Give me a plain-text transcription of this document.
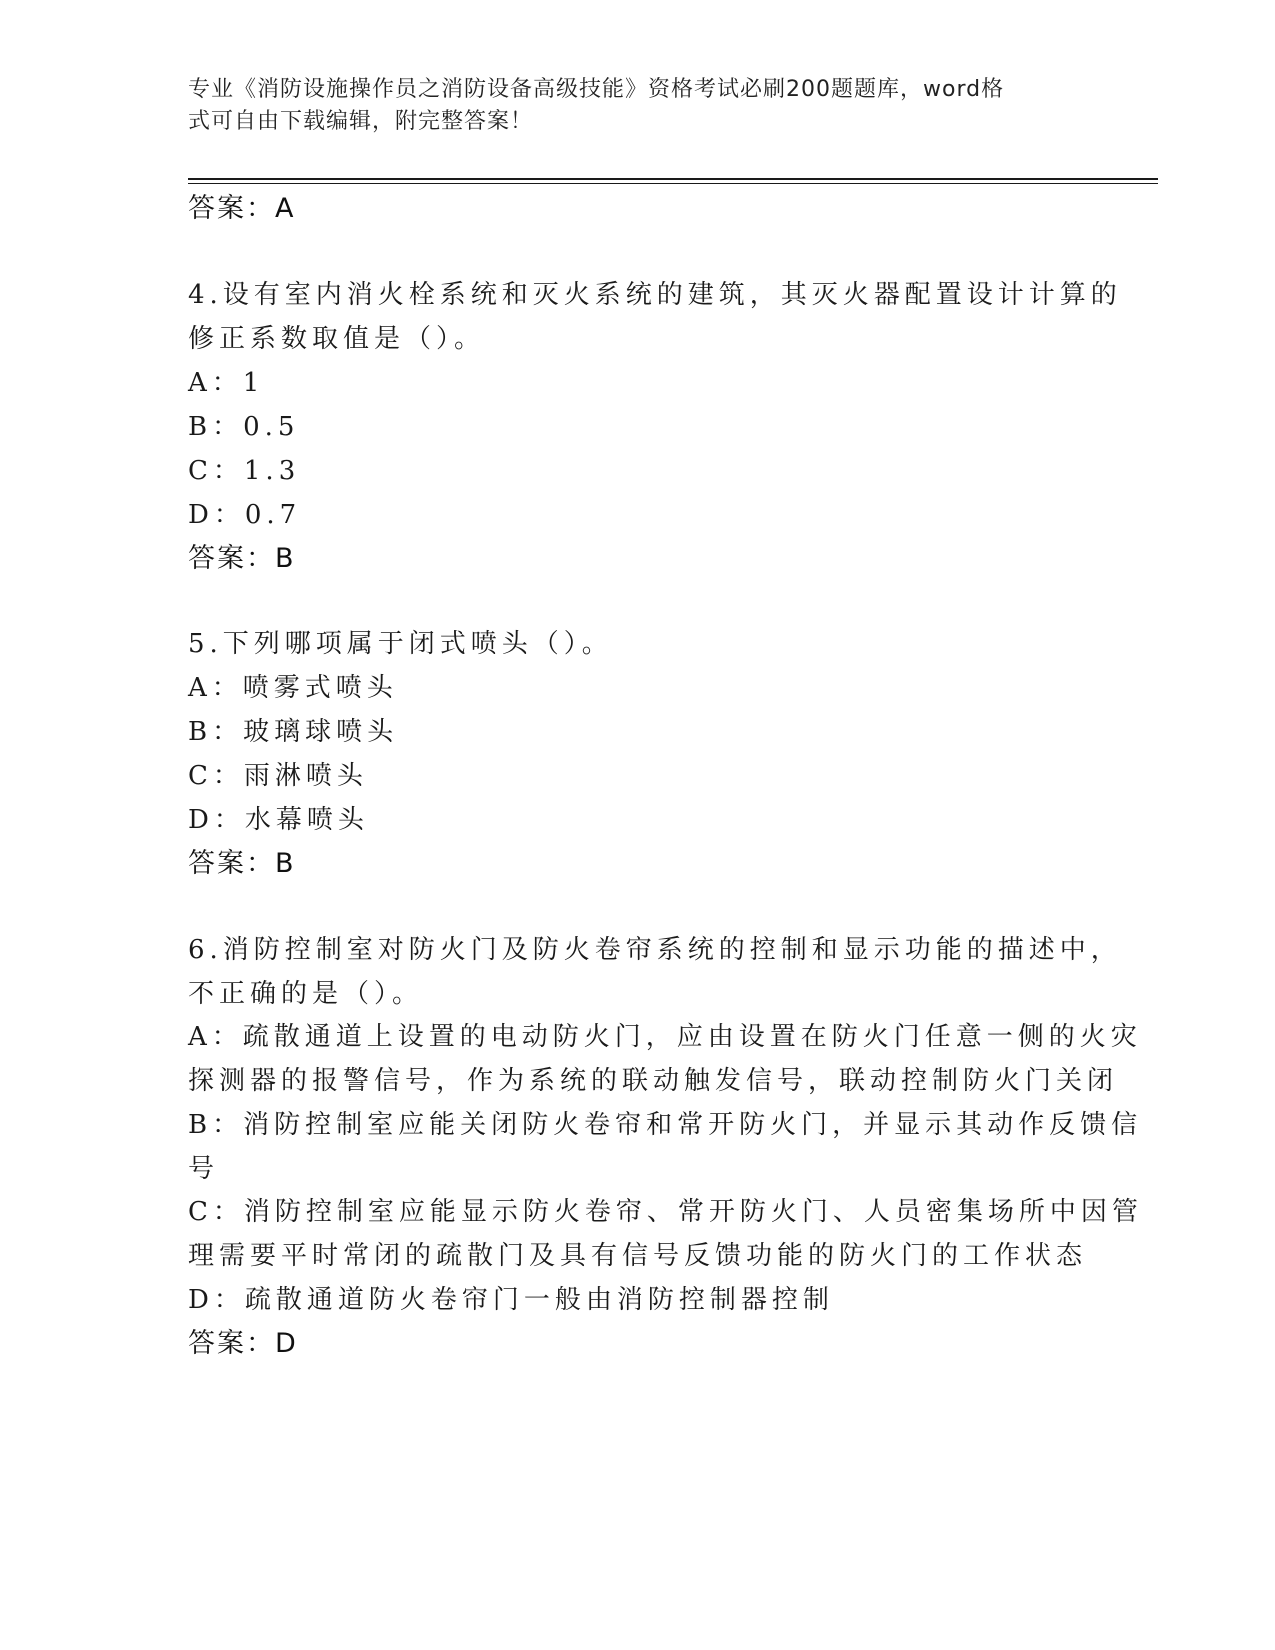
专业《消防设施操作员之消防设备高级技能》资格考试必刷200题题库，word格
式可自由下载编辑，附完整答案！
答案：A
4.设有室内消火栓系统和灭火系统的建筑，其灭火器配置设计计算的
修正系数取值是（）。
A：1
B：0.5
C：1.3
D：0.7
答案：B
5.下列哪项属于闭式喷头（）。
A：喷雾式喷头
B：玻璃球喷头
C：雨淋喷头
D：水幕喷头
答案：B
6.消防控制室对防火门及防火卷帘系统的控制和显示功能的描述中，
不正确的是（）。
A：疏散通道上设置的电动防火门，应由设置在防火门任意一侧的火灾
探测器的报警信号，作为系统的联动触发信号，联动控制防火门关闭
B：消防控制室应能关闭防火卷帘和常开防火门，并显示其动作反馈信
号
C：消防控制室应能显示防火卷帘、常开防火门、人员密集场所中因管
理需要平时常闭的疏散门及具有信号反馈功能的防火门的工作状态
D：疏散通道防火卷帘门一般由消防控制器控制
答案：D
